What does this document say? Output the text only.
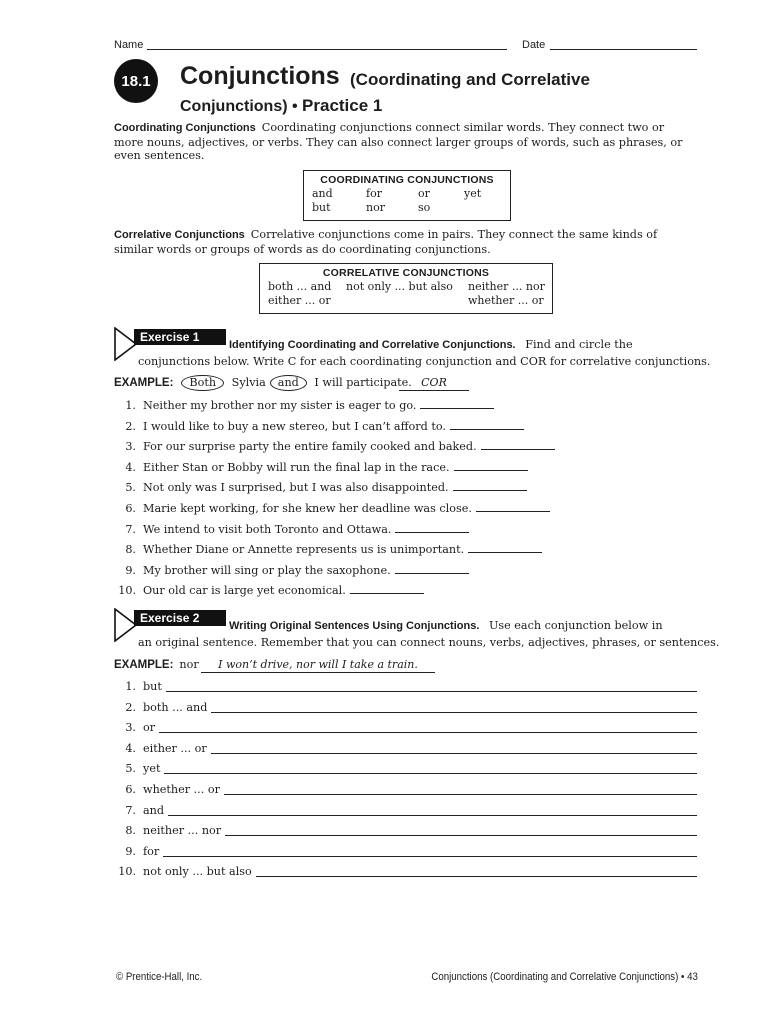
Name	Date
18.1 Conjunctions (Coordinating and Correlative
Conjunctions) • Practice 1
Coordinating Conjunctions Coordinating conjunctions connect similar words. They connect two or more nouns, adjectives, or verbs. They can also connect larger groups of words, such as phrases, or even sentences.
COORDINATING CONJUNCTIONS
and	for	or	yet
but	nor	so	
Correlative Conjunctions Correlative conjunctions come in pairs. They connect the same kinds of similar words or groups of words as do coordinating conjunctions.
CORRELATIVE CONJUNCTIONS
both ... and	not only ... but also	neither ... nor
either ... or		whether ... or
Exercise 1
Identifying Coordinating and Correlative Conjunctions. Find and circle the
conjunctions below. Write C for each coordinating conjunction and COR for correlative conjunctions.
EXAMPLE: Both Sylvia and I will participate. COR
1. Neither my brother nor my sister is eager to go.
2. I would like to buy a new stereo, but I can’t afford to.
3. For our surprise party the entire family cooked and baked.
4. Either Stan or Bobby will run the final lap in the race.
5. Not only was I surprised, but I was also disappointed.
6. Marie kept working, for she knew her deadline was close.
7. We intend to visit both Toronto and Ottawa.
8. Whether Diane or Annette represents us is unimportant.
9. My brother will sing or play the saxophone.
10. Our old car is large yet economical.
Exercise 2
Writing Original Sentences Using Conjunctions. Use each conjunction below in
an original sentence. Remember that you can connect nouns, verbs, adjectives, phrases, or sentences.
EXAMPLE: nor	I won’t drive, nor will I take a train.
1. but
2. both ... and
3. or
4. either ... or
5. yet
6. whether ... or
7. and
8. neither ... nor
9. for
10. not only ... but also
© Prentice-Hall, Inc.	Conjunctions (Coordinating and Correlative Conjunctions) • 43
